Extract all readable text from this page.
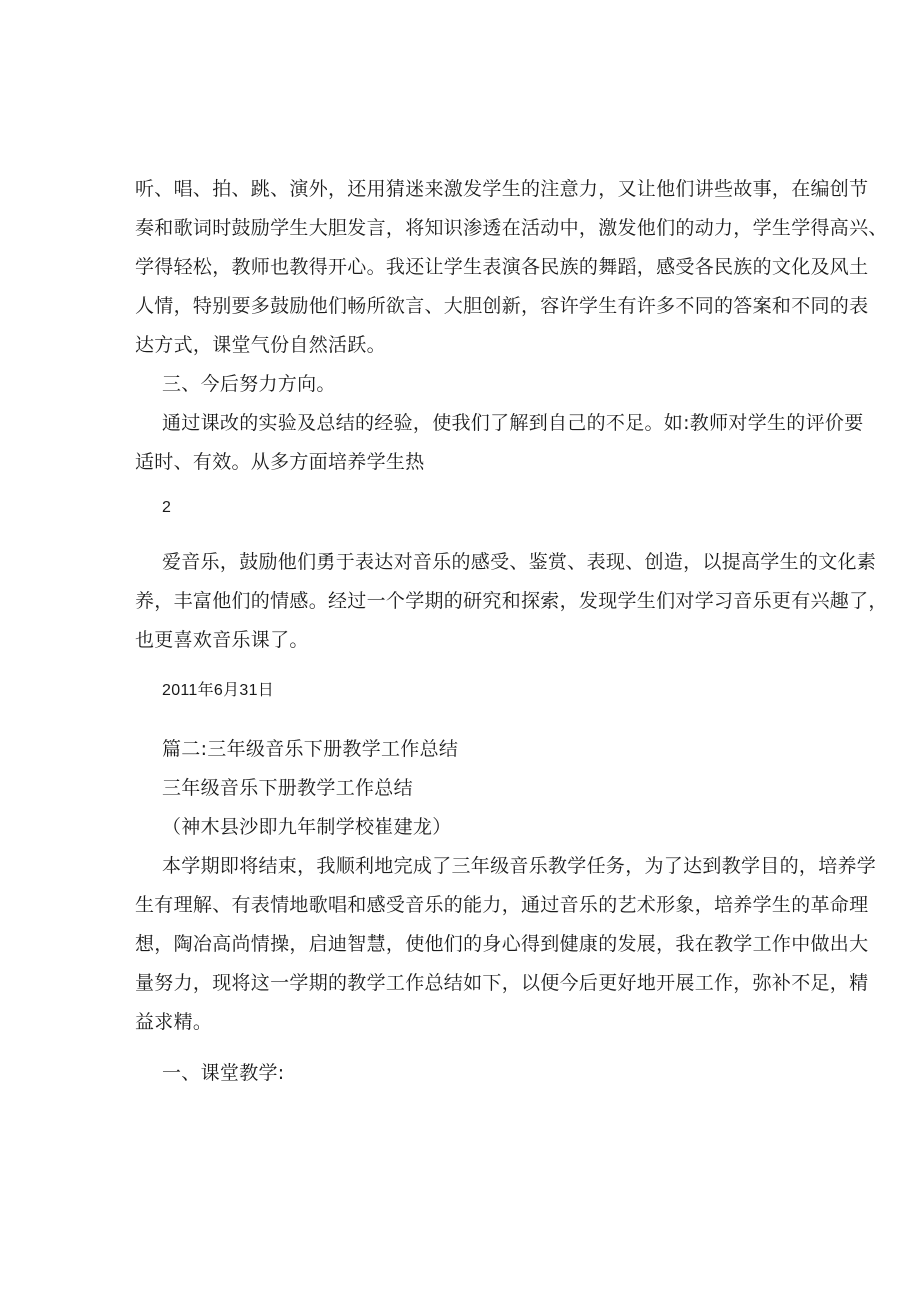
听、唱、拍、跳、演外，还用猜迷来激发学生的注意力，又让他们讲些故事，在编创节
奏和歌词时鼓励学生大胆发言，将知识渗透在活动中，激发他们的动力，学生学得高兴、
学得轻松，教师也教得开心。我还让学生表演各民族的舞蹈，感受各民族的文化及风土
人情，特别要多鼓励他们畅所欲言、大胆创新，容许学生有许多不同的答案和不同的表
达方式，课堂气份自然活跃。
三、今后努力方向。
通过课改的实验及总结的经验，使我们了解到自己的不足。如:教师对学生的评价要
适时、有效。从多方面培养学生热
2
爱音乐，鼓励他们勇于表达对音乐的感受、鉴赏、表现、创造，以提高学生的文化素
养，丰富他们的情感。经过一个学期的研究和探索，发现学生们对学习音乐更有兴趣了，
也更喜欢音乐课了。
2011年6月31日
篇二:三年级音乐下册教学工作总结
三年级音乐下册教学工作总结
（神木县沙即九年制学校崔建龙）
本学期即将结束，我顺利地完成了三年级音乐教学任务，为了达到教学目的，培养学
生有理解、有表情地歌唱和感受音乐的能力，通过音乐的艺术形象，培养学生的革命理
想，陶冶高尚情操，启迪智慧，使他们的身心得到健康的发展，我在教学工作中做出大
量努力，现将这一学期的教学工作总结如下，以便今后更好地开展工作，弥补不足，精
益求精。
一、课堂教学:
